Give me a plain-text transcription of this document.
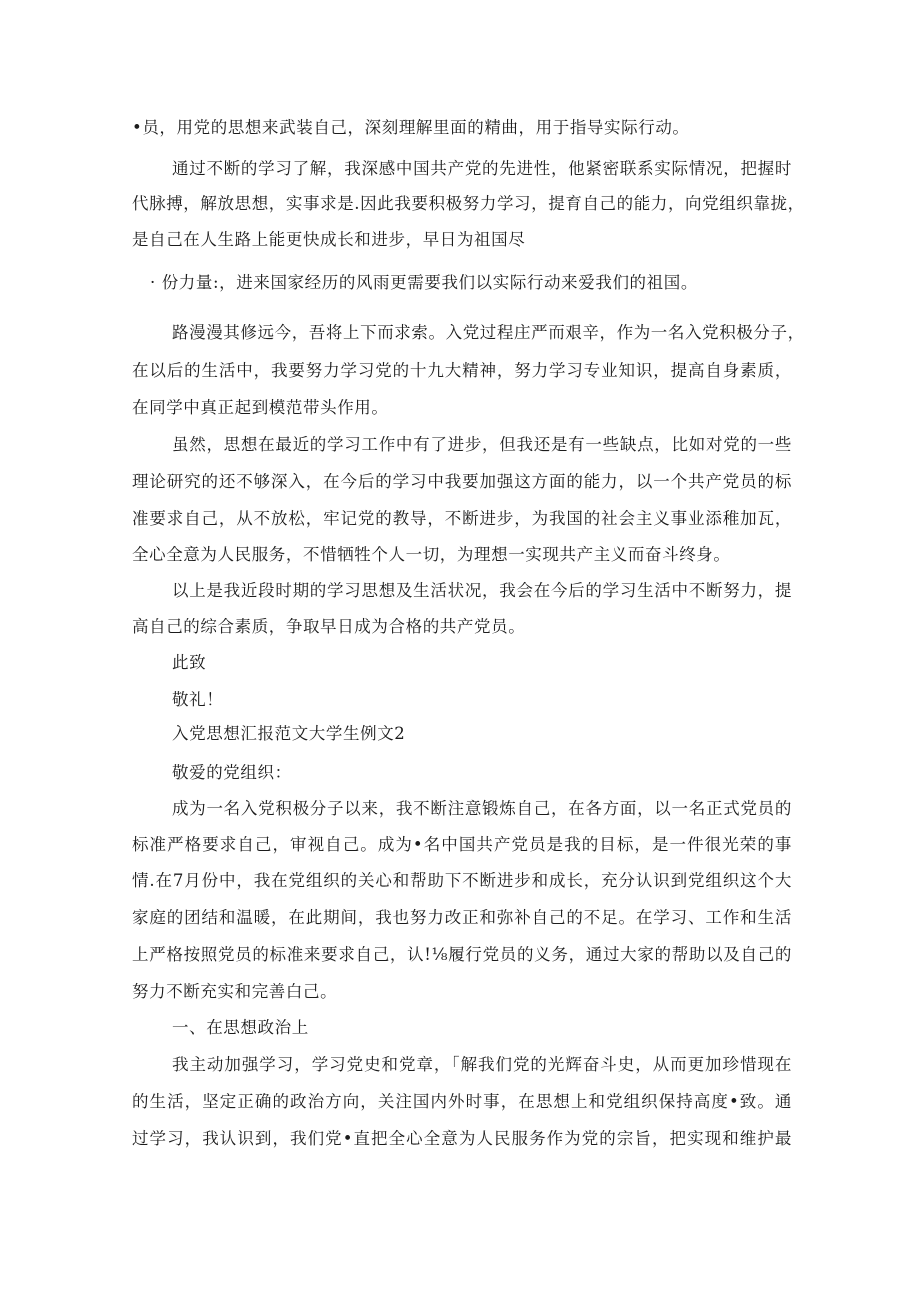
•员，用党的思想来武装自己，深刻理解里面的精曲，用于指导实际行动。
通过不断的学习了解，我深感中国共产党的先进性，他紧密联系实际情况，把握时
代脉搏，解放思想，实事求是.因此我要积极努力学习，提育自己的能力，向党组织靠拢，
是自己在人生路上能更快成长和进步，早日为祖国尽
· 份力量:，进来国家经历的风雨更需要我们以实际行动来爱我们的祖国。
路漫漫其修远今，吾将上下而求索。入党过程庄严而艰辛，作为一名入党积极分子，
在以后的生活中，我要努力学习党的十九大精神，努力学习专业知识，提高自身素质，
在同学中真正起到模范带头作用。
虽然，思想在最近的学习工作中有了进步，但我还是有一些缺点，比如对党的一些
理论研究的还不够深入，在今后的学习中我要加强这方面的能力，以一个共产党员的标
准要求自己，从不放松，牢记党的教导，不断进步，为我国的社会主义事业添稚加瓦，
全心全意为人民服务，不惜牺牲个人一切，为理想一实现共产主义而奋斗终身。
以上是我近段时期的学习思想及生活状况，我会在今后的学习生活中不断努力，提
高自己的综合素质，争取早日成为合格的共产党员。
此致
敬礼！
入党思想汇报范文大学生例文2
敬爱的党组织：
成为一名入党积极分子以来，我不断注意锻炼自己，在各方面，以一名正式党员的
标准严格要求自己，审视自己。成为•名中国共产党员是我的目标，是一件很光荣的事
情.在7月份中，我在党组织的关心和帮助下不断进步和成长，充分认识到党组织这个大
家庭的团结和温暖，在此期间，我也努力改正和弥补自己的不足。在学习、工作和生活
上严格按照党员的标准来要求自己，认!⅛履行党员的义务，通过大家的帮助以及自己的
努力不断充实和完善白己。
一、在思想政治上
我主动加强学习，学习党史和党章，「解我们党的光辉奋斗史，从而更加珍惜现在
的生活，坚定正确的政治方向，关注国内外时事，在思想上和党组织保持高度•致。通
过学习，我认识到，我们党•直把全心全意为人民服务作为党的宗旨，把实现和维护最
